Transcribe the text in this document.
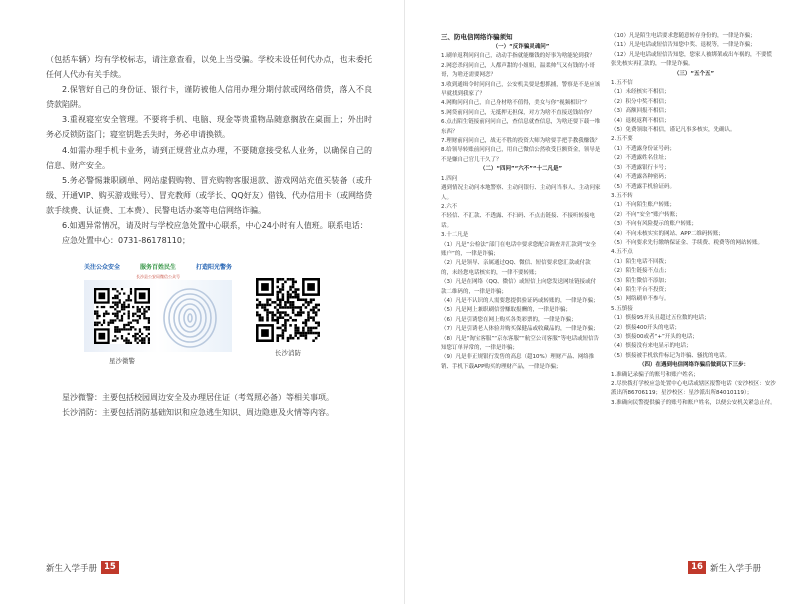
（包括车辆）均有学校标志，请注意查看，以免上当受骗。学校未设任何代办点，也未委托任何人代办有关手续。

2.保管好自己的身份证、银行卡，谨防被他人信用办理分期付款或网络借贷，落入不良贷款陷阱。

3.重视寝室安全管理。不要将手机、电脑、现金等贵重物品随意搁放在桌面上；外出时务必反锁防盗门；寝室钥匙丢失时，务必申请换锁。

4.如需办理手机卡业务，请到正规营业点办理，不要随意接受私人业务，以确保自己的信息、财产安全。

5.务必警惕兼职刷单、网站虚假购物、冒充购物客服退款、游戏网站充值买装备（或升级、开通VIP、购买游戏账号）、冒充教师（或学长、QQ好友）借钱、代办信用卡（或网络贷款手续费、认证费、工本费）、民警电话办案等电信网络诈骗。

6.如遇异常情况，请及时与学校应急处置中心联系，中心24小时有人值班。联系电话：

应急处置中心：0731-86178110；

关注公众安全	服务百姓民生	打造阳光警务
长沙县公安局微信公众号
星沙微警
长沙消防

星沙微警：主要包括校园周边安全及办理居住证（考驾照必备）等相关事项。

长沙消防：主要包括消防基础知识和应急逃生知识、周边隐患及火情等内容。

新生入学手册 15
三、防电信网络诈骗须知
（一）“反诈骗灵魂问”
1.刷单返利问问自己，动动手指就能赚钱的好事为啥能轮到我？
2.网恋杀问问自己，人都声甜的小姐姐，温柔帅气又有钱的小哥哥，为啥还需要网恋？
3.收到通缉令时问问自己，公安机关要是想抓捕，警察是不是应该早就找到我家了？
4.网购问问自己，自己身材啥不值得，美女与你“视频相识”？
5.网贷前问问自己，无抵押无担保，对方为啥不直接送钱给你？
6.点击陌生链接前问问自己，查信息就查信息，为啥还要下载一堆东西？
7.理财前问问自己，战无不胜的投资大师为啥要手把手教我赚钱？
8.给领导转账前问问自己，用自己微信公然收受巨额资金，领导是不是嫌自己官儿干久了？
（二）“四问”“六不”“十二凡是”
1.四问
遇到情况主动问本地警察、主动问银行、主动问当事人、主动问家人。
2.六不
不轻信、不汇款、不透露、不扫码、不点击链接、不接听转接电话。
3.十二凡是
（1）凡是“公检法”部门在电话中要求您配合调查并汇款到“安全账户”的，一律是诈骗；
（2）凡是领导、亲属通过QQ、微信、短信要求您汇款或付款的，未经您电话核实的，一律不要转账；
（3）凡是在网络（QQ、微信）或短信上向您发送网址链接或付款二维码的，一律是诈骗；
（4）凡是不认识的人需要您提供验证码或转账的，一律是诈骗；
（5）凡是网上兼职刷信誉赚取报酬的，一律是诈骗；
（6）凡是引诱您在网上购买各类彩票的，一律是诈骗；
（7）凡是引诱老人体验并购买保健品或收藏品的，一律是诈骗；
（8）凡是“淘宝客服”“京东客服”“航空公司客服”等电话或短信告知您订单异常的，一律是诈骗；
（9）凡是非正规银行发售的高息（超10%）理财产品、网络推销、手机下载APP购买的理财产品，一律是诈骗；
（10）凡是陌生电话要求您随意转存身份的，一律是诈骗；
（11）凡是电话或短信告知您中奖、退税等，一律是诈骗；
（12）凡是电话或短信告知您，您家人被绑架或出车祸的，不要慌张先核实再汇款的，一律是诈骗。
（三）“五个五”
1.五不信
（1）未经核实不相信；
（2）积分中奖不相信；
（3）高额回报不相信；
（4）退税返利不相信；
（5）免费领取不相信，谨记凡事多核实，先确认。
2.五不要
（1）不透露身份证号码；
（2）不透露姓名住址；
（3）不透露银行卡号；
（4）不透露各种密码；
（5）不透露手机验证码。
3.五不转
（1）不向陌生账户转账；
（2）不向“安全”账户转账；
（3）不向有风险提示的账户转账；
（4）不向未核实实的网站、APP二维码转账；
（5）不向要求先行缴纳保证金、手续费、税费等的网站转账。
4.五不点
（1）陌生电话不回拨；
（2）陌生链接不点击；
（3）陌生微信不添加；
（4）陌生平台不投资；
（5）网络刷单不参与。
5.五慎接
（1）慎接95开头且超过五位数的电话；
（2）慎接400开头的电话；
（3）慎接00或者“+”开头的电话；
（4）慎接没有来电显示的电话；
（5）慎接被手机软件标记为诈骗、骚扰的电话。
（四）在遇到电信网络诈骗后做到以下三步：
1.准确记录骗子的账号和账户姓名；
2.尽快拨打学校应急处置中心电话或辖区报警电话（安沙校区：安沙派出所86706119；星沙校区：星沙派出所84010119）；
3.准确向民警提供骗子的账号和账户姓名，以便公安机关紧急止付。
16 新生入学手册
